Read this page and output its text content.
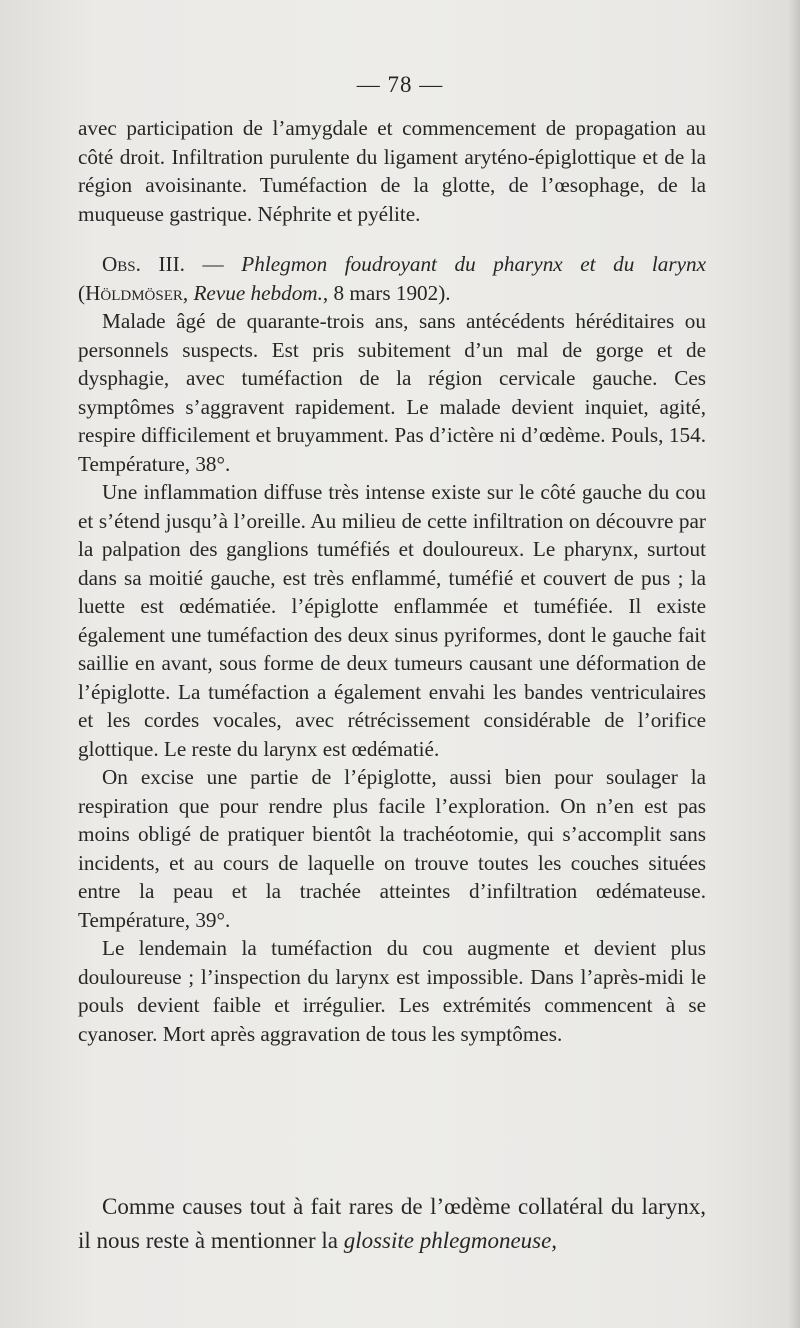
— 78 —

avec participation de l’amygdale et commencement de propagation au côté droit. Infiltration purulente du ligament aryténo-épiglottique et de la région avoisinante. Tuméfaction de la glotte, de l’œsophage, de la muqueuse gastrique. Néphrite et pyélite.

Obs. III. — Phlegmon foudroyant du pharynx et du larynx (Höldmöser, Revue hebdom., 8 mars 1902).

Malade âgé de quarante-trois ans, sans antécédents héréditaires ou personnels suspects. Est pris subitement d’un mal de gorge et de dysphagie, avec tuméfaction de la région cervicale gauche. Ces symptômes s’aggravent rapidement. Le malade devient inquiet, agité, respire difficilement et bruyamment. Pas d’ictère ni d’œdème. Pouls, 154. Température, 38°.

Une inflammation diffuse très intense existe sur le côté gauche du cou et s’étend jusqu’à l’oreille. Au milieu de cette infiltration on découvre par la palpation des ganglions tuméfiés et douloureux. Le pharynx, surtout dans sa moitié gauche, est très enflammé, tuméfié et couvert de pus ; la luette est œdématiée. l’épiglotte enflammée et tuméfiée. Il existe également une tuméfaction des deux sinus pyriformes, dont le gauche fait saillie en avant, sous forme de deux tumeurs causant une déformation de l’épiglotte. La tuméfaction a également envahi les bandes ventriculaires et les cordes vocales, avec rétrécissement considérable de l’orifice glottique. Le reste du larynx est œdématié.

On excise une partie de l’épiglotte, aussi bien pour soulager la respiration que pour rendre plus facile l’exploration. On n’en est pas moins obligé de pratiquer bientôt la trachéotomie, qui s’accomplit sans incidents, et au cours de laquelle on trouve toutes les couches situées entre la peau et la trachée atteintes d’infiltration œdémateuse. Température, 39°.

Le lendemain la tuméfaction du cou augmente et devient plus douloureuse ; l’inspection du larynx est impossible. Dans l’après-midi le pouls devient faible et irrégulier. Les extrémités commencent à se cyanoser. Mort après aggravation de tous les symptômes.

Comme causes tout à fait rares de l’œdème collatéral du larynx, il nous reste à mentionner la glossite phlegmoneuse,
